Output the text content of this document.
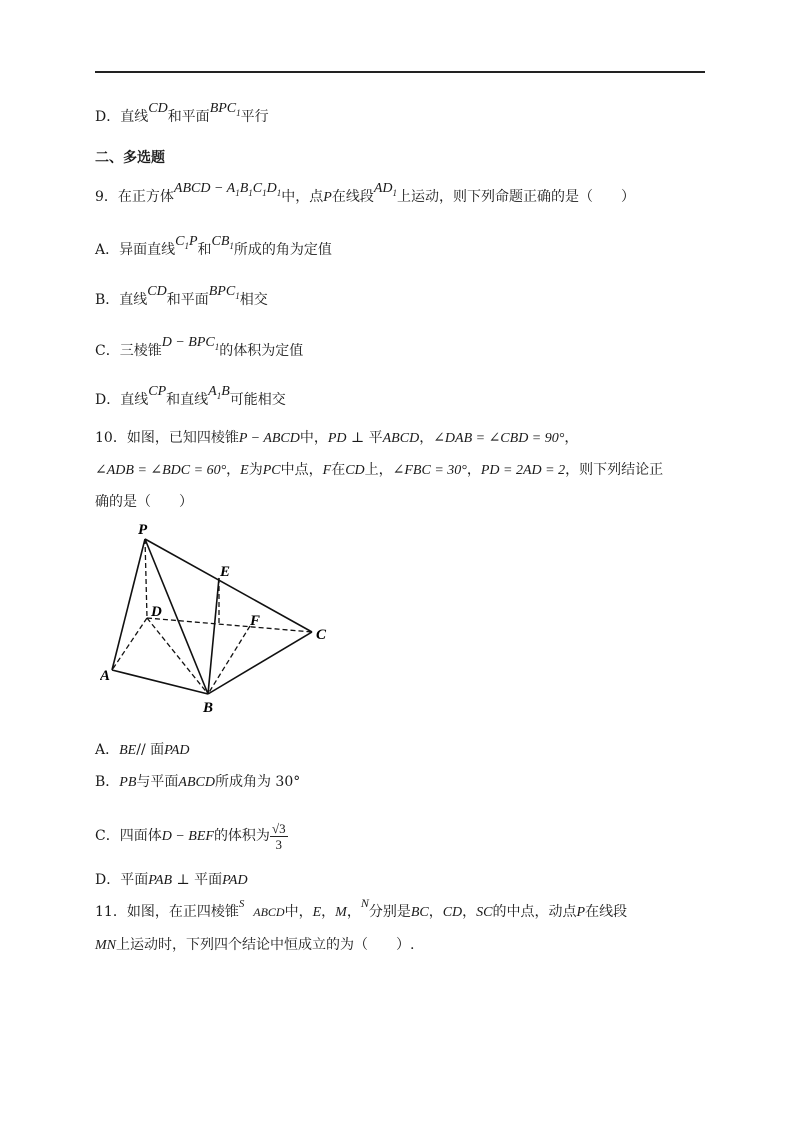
D．直线CD和平面$BPC_1$平行
二、多选题
9．在正方体ABCD − $A_1B_1C_1D_1$中，点P在线段$AD_1$上运动，则下列命题正确的是（　　）
A．异面直线$C_1P$和$CB_1$所成的角为定值
B．直线CD和平面$BPC_1$相交
C．三棱锥$D - BPC_1$的体积为定值
D．直线CP和直线$A_1B$可能相交
10．如图，已知四棱锥P − ABCD中，PD ⊥ 平ABCD，∠DAB = ∠CBD = 90°，
∠ADB = ∠BDC = 60°，E为PC中点，F在CD上，∠FBC = 30°，PD = 2AD = 2，则下列结论正
确的是（　　）
P
E
D
F
C
A
B
A．BE// 面PAD
B．PB与平面ABCD所成角为 30°
C．四面体D − BEF的体积为 $\frac{√3}{3}$
D．平面PAB ⊥ 平面PAD
11．如图，在正四棱锥$^S$  ABCD中，E，M，N分别是BC，CD，SC的中点，动点P在线段
MN上运动时，下列四个结论中恒成立的为（　　）.
